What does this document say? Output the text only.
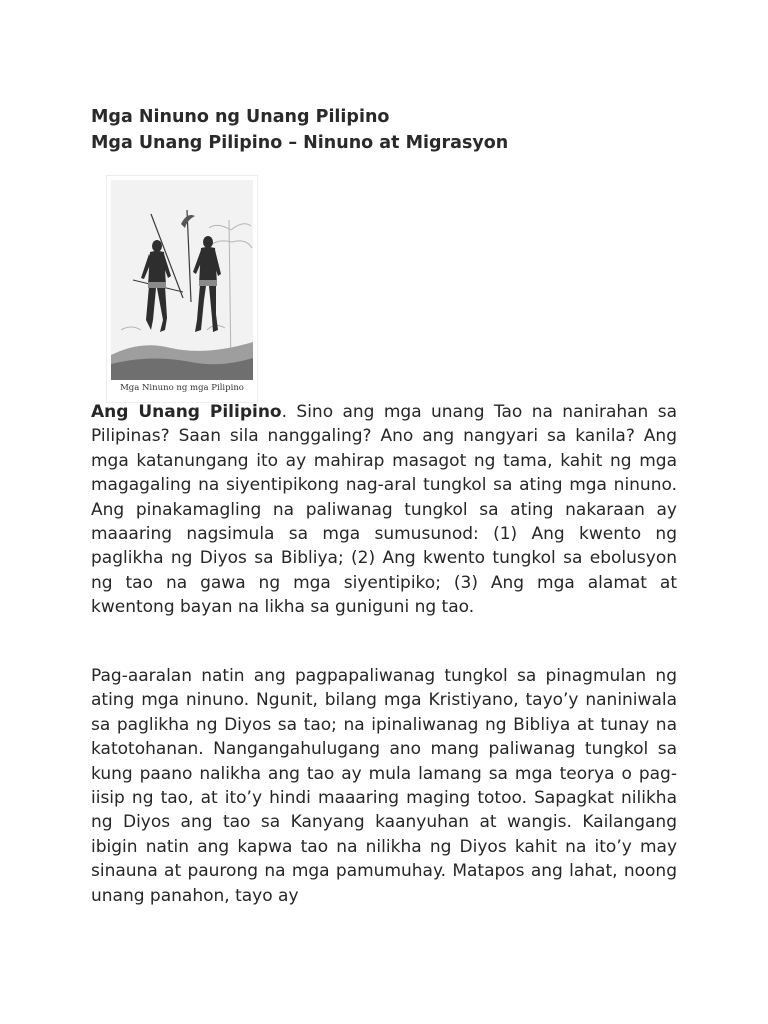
Mga Ninuno ng Unang Pilipino
Mga Unang Pilipino – Ninuno at Migrasyon
Mga Ninuno ng mga Pilipino

Ang Unang Pilipino. Sino ang mga unang Tao na nanirahan sa Pilipinas? Saan sila nanggaling? Ano ang nangyari sa kanila? Ang mga katanungang ito ay mahirap masagot ng tama, kahit ng mga magagaling na siyentipikong nag-aral tungkol sa ating mga ninuno. Ang pinakamagling na paliwanag tungkol sa ating nakaraan ay maaaring nagsimula sa mga sumusunod: (1) Ang kwento ng paglikha ng Diyos sa Bibliya; (2) Ang kwento tungkol sa ebolusyon ng tao na gawa ng mga siyentipiko; (3) Ang mga alamat at kwentong bayan na likha sa guniguni ng tao.

Pag-aaralan natin ang pagpapaliwanag tungkol sa pinagmulan ng ating mga ninuno. Ngunit, bilang mga Kristiyano, tayo’y naniniwala sa paglikha ng Diyos sa tao; na ipinaliwanag ng Bibliya at tunay na katotohanan. Nangangahulugang ano mang paliwanag tungkol sa kung paano nalikha ang tao ay mula lamang sa mga teorya o pag-iisip ng tao, at ito’y hindi maaaring maging totoo. Sapagkat nilikha ng Diyos ang tao sa Kanyang kaanyuhan at wangis. Kailangang ibigin natin ang kapwa tao na nilikha ng Diyos kahit na ito’y may sinauna at paurong na mga pamumuhay. Matapos ang lahat, noong unang panahon, tayo ay
